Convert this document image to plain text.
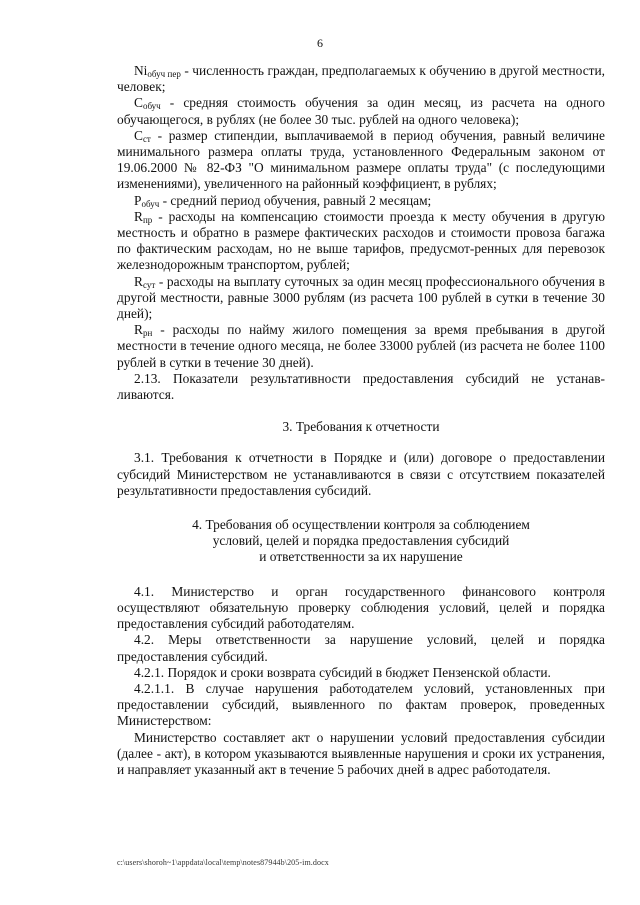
6

$Ni_{обуч пер}$ - численность граждан, предполагаемых к обучению в другой местности, человек;

$С_{обуч}$ - средняя стоимость обучения за один месяц, из расчета на одного обучающегося, в рублях (не более 30 тыс. рублей на одного человека);

$С_{ст}$ - размер стипендии, выплачиваемой в период обучения, равный величине минимального размера оплаты труда, установленного Федеральным законом от 19.06.2000 № 82-ФЗ "О минимальном размере оплаты труда" (с последующими изменениями), увеличенного на районный коэффициент, в рублях;

$Р_{обуч}$ - средний период обучения, равный 2 месяцам;

$R_{пр}$ - расходы на компенсацию стоимости проезда к месту обучения в другую местность и обратно в размере фактических расходов и стоимости провоза багажа по фактическим расходам, но не выше тарифов, предусмот-ренных для перевозок железнодорожным транспортом, рублей;

$R_{сут}$ - расходы на выплату суточных за один месяц профессионального обучения в другой местности, равные 3000 рублям (из расчета 100 рублей в сутки в течение 30 дней);

$R_{рн}$ - расходы по найму жилого помещения за время пребывания в другой местности в течение одного месяца, не более 33000 рублей (из расчета не более 1100 рублей в сутки в течение 30 дней).

2.13. Показатели результативности предоставления субсидий не устанав-ливаются.

3. Требования к отчетности

3.1. Требования к отчетности в Порядке и (или) договоре о предоставлении субсидий Министерством не устанавливаются в связи с отсутствием показателей результативности предоставления субсидий.

4. Требования об осуществлении контроля за соблюдением

условий, целей и порядка предоставления субсидий

и ответственности за их нарушение

4.1. Министерство и орган государственного финансового контроля осуществляют обязательную проверку соблюдения условий, целей и порядка предоставления субсидий работодателям.

4.2. Меры ответственности за нарушение условий, целей и порядка предоставления субсидий.

4.2.1. Порядок и сроки возврата субсидий в бюджет Пензенской области.

4.2.1.1. В случае нарушения работодателем условий, установленных при предоставлении субсидий, выявленного по фактам проверок, проведенных Министерством:

Министерство составляет акт о нарушении условий предоставления субсидии (далее - акт), в котором указываются выявленные нарушения и сроки их устранения, и направляет указанный акт в течение 5 рабочих дней в адрес работодателя.

c:\users\shoroh~1\appdata\local\temp\notes87944b\205-im.docx
